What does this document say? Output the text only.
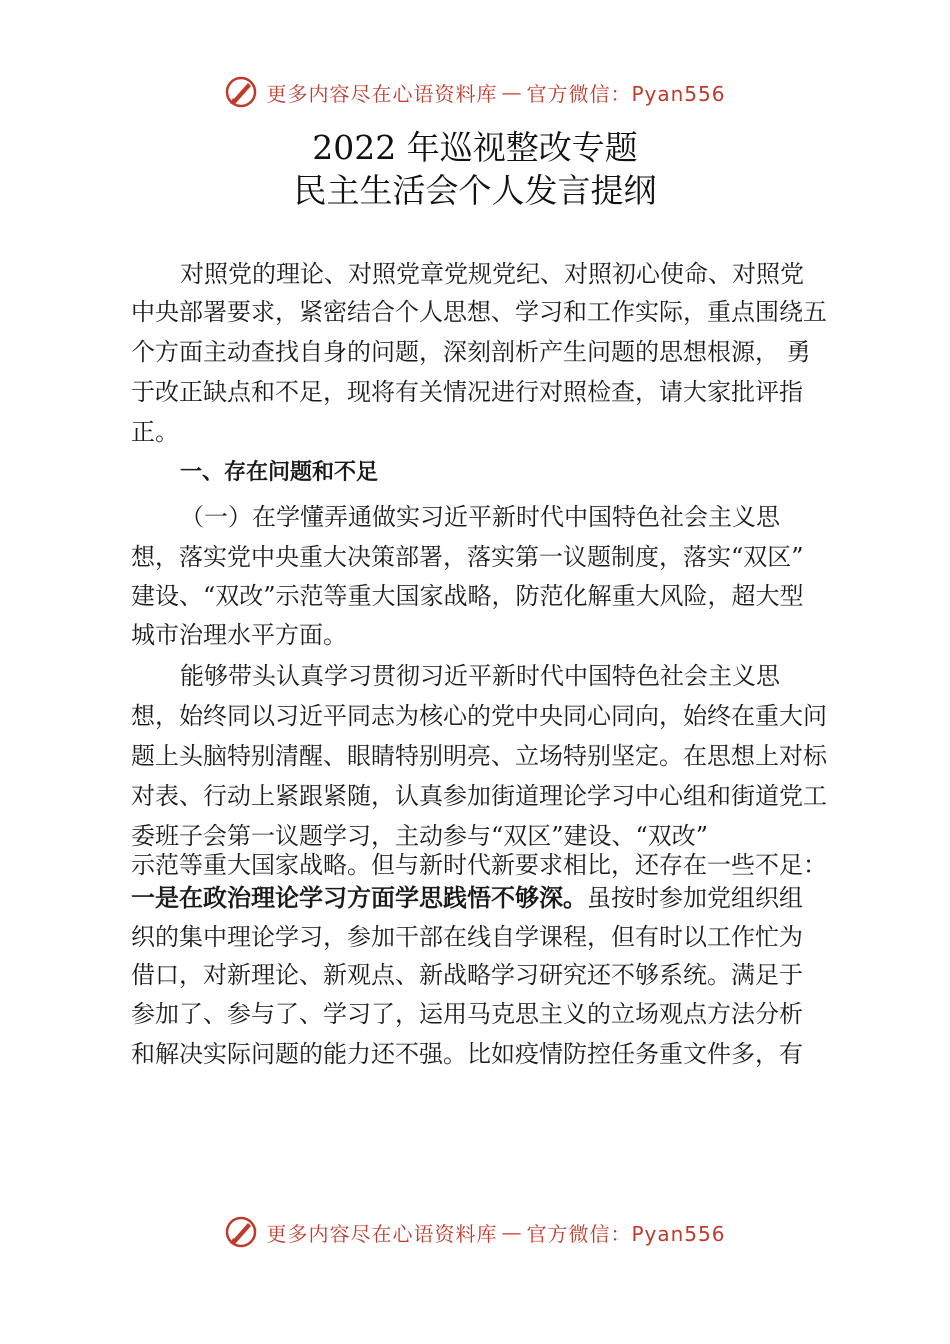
更多内容尽在心语资料库 — 官方微信：Pyan556
2022 年巡视整改专题
民主生活会个人发言提纲
对照党的理论、对照党章党规党纪、对照初心使命、对照党
中央部署要求，紧密结合个人思想、学习和工作实际，重点围绕五
个方面主动查找自身的问题，深刻剖析产生问题的思想根源， 勇
于改正缺点和不足，现将有关情况进行对照检查，请大家批评指
正。
一、存在问题和不足
（一）在学懂弄通做实习近平新时代中国特色社会主义思
想，落实党中央重大决策部署，落实第一议题制度，落实“双区”
建设、“双改”示范等重大国家战略，防范化解重大风险，超大型
城市治理水平方面。
能够带头认真学习贯彻习近平新时代中国特色社会主义思
想，始终同以习近平同志为核心的党中央同心同向，始终在重大问
题上头脑特别清醒、眼睛特别明亮、立场特别坚定。在思想上对标
对表、行动上紧跟紧随，认真参加街道理论学习中心组和街道党工
委班子会第一议题学习，主动参与“双区”建设、“双改”
示范等重大国家战略。但与新时代新要求相比，还存在一些不足：
一是在政治理论学习方面学思践悟不够深。虽按时参加党组织组
织的集中理论学习，参加干部在线自学课程，但有时以工作忙为
借口，对新理论、新观点、新战略学习研究还不够系统。满足于
参加了、参与了、学习了，运用马克思主义的立场观点方法分析
和解决实际问题的能力还不强。比如疫情防控任务重文件多，有
更多内容尽在心语资料库 — 官方微信：Pyan556
